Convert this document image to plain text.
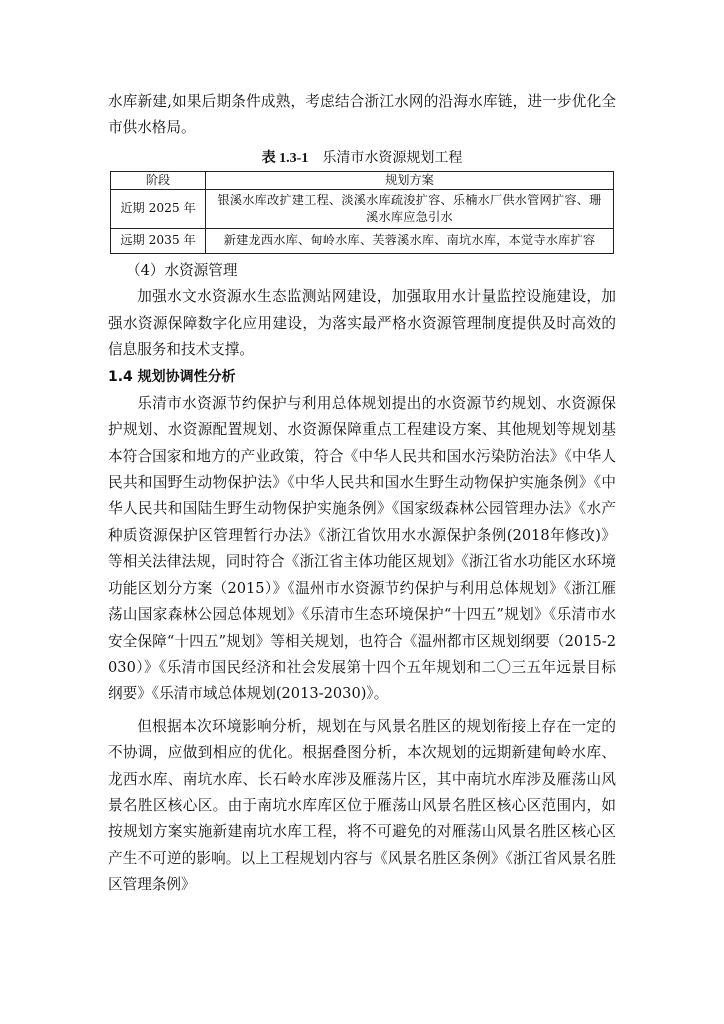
水库新建,如果后期条件成熟，考虑结合浙江水网的沿海水库链，进一步优化全市供水格局。

表 1.3-1 乐清市水资源规划工程
阶段	规划方案
近期 2025 年	银溪水库改扩建工程、淡溪水库疏浚扩容、乐楠水厂供水管网扩容、珊溪水库应急引水
远期 2035 年	新建龙西水库、甸岭水库、芙蓉溪水库、南坑水库，本觉寺水库扩容

（4）水资源管理

加强水文水资源水生态监测站网建设，加强取用水计量监控设施建设，加强水资源保障数字化应用建设，为落实最严格水资源管理制度提供及时高效的信息服务和技术支撑。

1.4 规划协调性分析

乐清市水资源节约保护与利用总体规划提出的水资源节约规划、水资源保护规划、水资源配置规划、水资源保障重点工程建设方案、其他规划等规划基本符合国家和地方的产业政策，符合《中华人民共和国水污染防治法》《中华人民共和国野生动物保护法》《中华人民共和国水生野生动物保护实施条例》《中华人民共和国陆生野生动物保护实施条例》《国家级森林公园管理办法》《水产种质资源保护区管理暂行办法》《浙江省饮用水水源保护条例(2018年修改)》等相关法律法规，同时符合《浙江省主体功能区规划》《浙江省水功能区水环境功能区划分方案（2015）》《温州市水资源节约保护与利用总体规划》《浙江雁荡山国家森林公园总体规划》《乐清市生态环境保护“十四五”规划》《乐清市水安全保障“十四五”规划》等相关规划，也符合《温州都市区规划纲要（2015-2030）》《乐清市国民经济和社会发展第十四个五年规划和二〇三五年远景目标纲要》《乐清市域总体规划(2013-2030)》。

但根据本次环境影响分析，规划在与风景名胜区的规划衔接上存在一定的不协调，应做到相应的优化。根据叠图分析，本次规划的远期新建甸岭水库、龙西水库、南坑水库、长石岭水库涉及雁荡片区，其中南坑水库涉及雁荡山风景名胜区核心区。由于南坑水库库区位于雁荡山风景名胜区核心区范围内，如按规划方案实施新建南坑水库工程，将不可避免的对雁荡山风景名胜区核心区产生不可逆的影响。以上工程规划内容与《风景名胜区条例》《浙江省风景名胜区管理条例》
